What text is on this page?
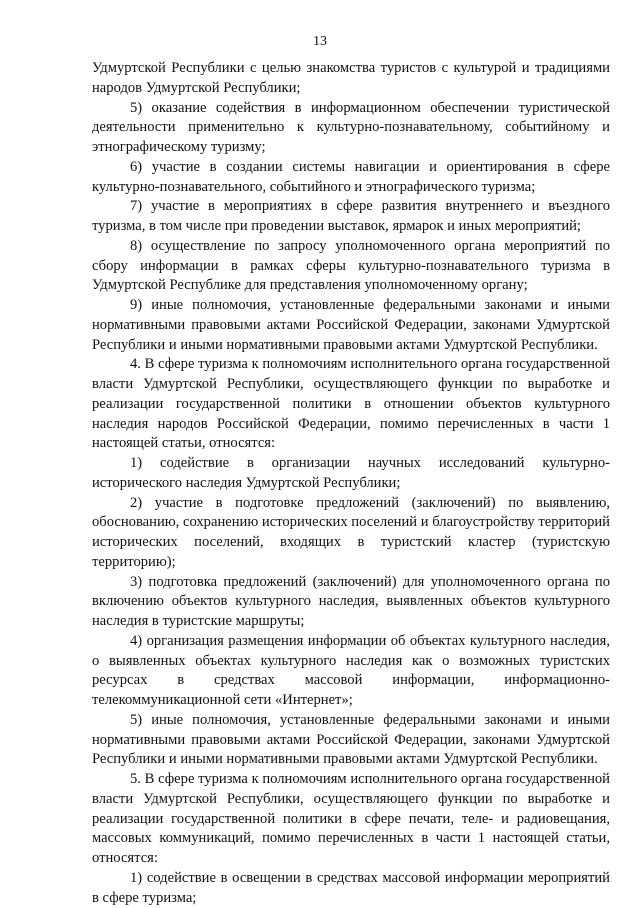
13

Удмуртской Республики с целью знакомства туристов с культурой и традициями народов Удмуртской Республики;

5) оказание содействия в информационном обеспечении туристической деятельности применительно к культурно-познавательному, событийному и этнографическому туризму;

6) участие в создании системы навигации и ориентирования в сфере культурно-познавательного, событийного и этнографического туризма;

7) участие в мероприятиях в сфере развития внутреннего и въездного туризма, в том числе при проведении выставок, ярмарок и иных мероприятий;

8) осуществление по запросу уполномоченного органа мероприятий по сбору информации в рамках сферы культурно-познавательного туризма в Удмуртской Республике для представления уполномоченному органу;

9) иные полномочия, установленные федеральными законами и иными нормативными правовыми актами Российской Федерации, законами Удмуртской Республики и иными нормативными правовыми актами Удмуртской Республики.

4. В сфере туризма к полномочиям исполнительного органа государственной власти Удмуртской Республики, осуществляющего функции по выработке и реализации государственной политики в отношении объектов культурного наследия народов Российской Федерации, помимо перечисленных в части 1 настоящей статьи, относятся:

1) содействие в организации научных исследований культурно-исторического наследия Удмуртской Республики;

2) участие в подготовке предложений (заключений) по выявлению, обоснованию, сохранению исторических поселений и благоустройству территорий исторических поселений, входящих в туристский кластер (туристскую территорию);

3) подготовка предложений (заключений) для уполномоченного органа по включению объектов культурного наследия, выявленных объектов культурного наследия в туристские маршруты;

4) организация размещения информации об объектах культурного наследия, о выявленных объектах культурного наследия как о возможных туристских ресурсах в средствах массовой информации, информационно-телекоммуникационной сети «Интернет»;

5) иные полномочия, установленные федеральными законами и иными нормативными правовыми актами Российской Федерации, законами Удмуртской Республики и иными нормативными правовыми актами Удмуртской Республики.

5. В сфере туризма к полномочиям исполнительного органа государственной власти Удмуртской Республики, осуществляющего функции по выработке и реализации государственной политики в сфере печати, теле- и радиовещания, массовых коммуникаций, помимо перечисленных в части 1 настоящей статьи, относятся:

1) содействие в освещении в средствах массовой информации мероприятий в сфере туризма;
